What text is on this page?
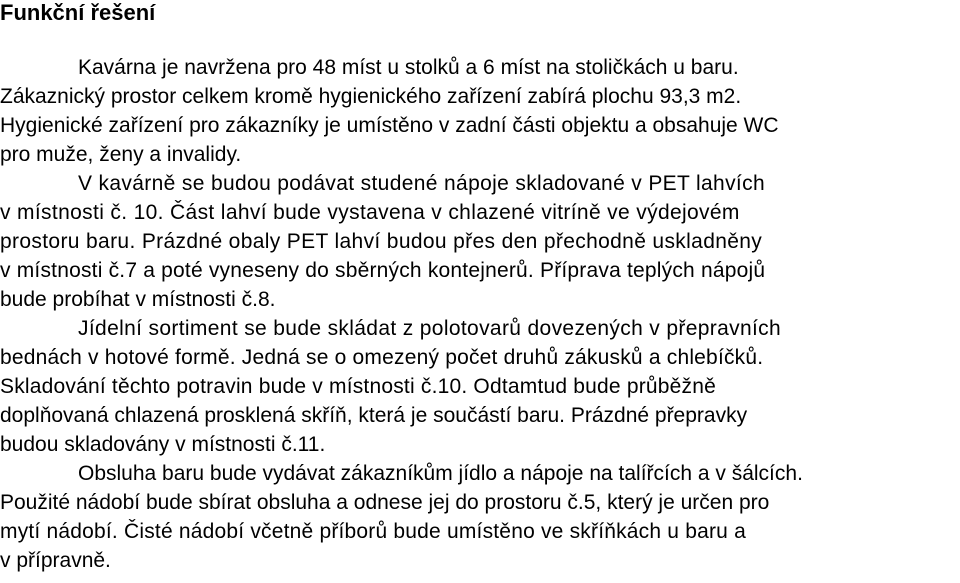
Funkční řešení
Kavárna je navržena pro 48 míst u stolků a 6 míst na stoličkách u baru.
Zákaznický prostor celkem kromě hygienického zařízení zabírá plochu 93,3 m2.
Hygienické zařízení pro zákazníky je umístěno v zadní části objektu a obsahuje WC
pro muže, ženy a invalidy.
V kavárně se budou podávat studené nápoje skladované v PET lahvích
v místnosti č. 10. Část lahví bude vystavena v chlazené vitríně ve výdejovém
prostoru baru. Prázdné obaly PET lahví budou přes den přechodně uskladněny
v místnosti č.7 a poté vyneseny do sběrných kontejnerů. Příprava teplých nápojů
bude probíhat v místnosti č.8.
Jídelní sortiment se bude skládat z polotovarů dovezených v přepravních
bednách v hotové formě. Jedná se o omezený počet druhů zákusků a chlebíčků.
Skladování těchto potravin bude v místnosti č.10. Odtamtud bude průběžně
doplňovaná chlazená prosklená skříň, která je součástí baru. Prázdné přepravky
budou skladovány v místnosti č.11.
Obsluha baru bude vydávat zákazníkům jídlo a nápoje na talířcích a v šálcích.
Použité nádobí bude sbírat obsluha a odnese jej do prostoru č.5, který je určen pro
mytí nádobí. Čisté nádobí včetně příborů bude umístěno ve skříňkách u baru a
v přípravně.
